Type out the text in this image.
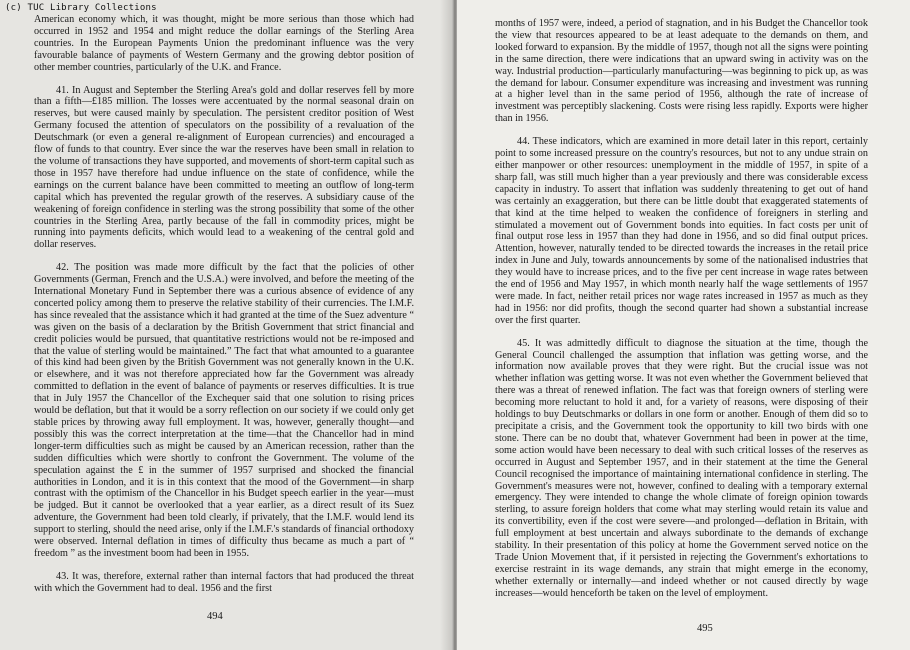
American economy which, it was thought, might be more serious than those which had occurred in 1952 and 1954 and might reduce the dollar earnings of the Sterling Area countries. In the European Payments Union the predominant influence was the very favourable balance of payments of Western Germany and the growing debtor position of other member countries, particularly of the U.K. and France.

41. In August and September the Sterling Area's gold and dollar reserves fell by more than a fifth—£185 million. The losses were accentuated by the normal seasonal drain on reserves, but were caused mainly by speculation. The persistent creditor position of West Germany focused the attention of speculators on the possibility of a revaluation of the Deutschmark (or even a general re-alignment of European currencies) and encouraged a flow of funds to that country. Ever since the war the reserves have been small in relation to the volume of transactions they have supported, and movements of short-term capital such as those in 1957 have therefore had undue influence on the state of confidence, while the earnings on the current balance have been committed to meeting an outflow of long-term capital which has prevented the regular growth of the reserves. A subsidiary cause of the weakening of foreign confidence in sterling was the strong possibility that some of the other countries in the Sterling Area, partly because of the fall in commodity prices, might be running into payments deficits, which would lead to a weakening of the central gold and dollar reserves.

42. The position was made more difficult by the fact that the policies of other Governments (German, French and the U.S.A.) were involved, and before the meeting of the International Monetary Fund in September there was a curious absence of evidence of any concerted policy among them to preserve the relative stability of their currencies. The I.M.F. has since revealed that the assistance which it had granted at the time of the Suez adventure “ was given on the basis of a declaration by the British Government that strict financial and credit policies would be pursued, that quantitative restrictions would not be re-imposed and that the value of sterling would be maintained.” The fact that what amounted to a guarantee of this kind had been given by the British Government was not generally known in the U.K. or elsewhere, and it was not therefore appreciated how far the Government was already committed to deflation in the event of balance of payments or reserves difficulties. It is true that in July 1957 the Chancellor of the Exchequer said that one solution to rising prices would be deflation, but that it would be a sorry reflection on our society if we could only get stable prices by throwing away full employment. It was, however, generally thought—and possibly this was the correct interpretation at the time—that the Chancellor had in mind longer-term difficulties such as might be caused by an American recession, rather than the sudden difficulties which were shortly to confront the Government. The volume of the speculation against the £ in the summer of 1957 surprised and shocked the financial authorities in London, and it is in this context that the mood of the Government—in sharp contrast with the optimism of the Chancellor in his Budget speech earlier in the year—must be judged. But it cannot be overlooked that a year earlier, as a direct result of its Suez adventure, the Government had been told clearly, if privately, that the I.M.F. would lend its support to sterling, should the need arise, only if the I.M.F.'s standards of financial orthodoxy were observed. Internal deflation in times of difficulty thus became as much a part of “ freedom ” as the investment boom had been in 1955.

43. It was, therefore, external rather than internal factors that had produced the threat with which the Government had to deal. 1956 and the first

494

months of 1957 were, indeed, a period of stagnation, and in his Budget the Chancellor took the view that resources appeared to be at least adequate to the demands on them, and looked forward to expansion. By the middle of 1957, though not all the signs were pointing in the same direction, there were indications that an upward swing in activity was on the way. Industrial production—particularly manufacturing—was beginning to pick up, as was the demand for labour. Consumer expenditure was increasing and investment was running at a higher level than in the same period of 1956, although the rate of increase of investment was perceptibly slackening. Costs were rising less rapidly. Exports were higher than in 1956.

44. These indicators, which are examined in more detail later in this report, certainly point to some increased pressure on the country's resources, but not to any undue strain on either manpower or other resources: unemployment in the middle of 1957, in spite of a sharp fall, was still much higher than a year previously and there was considerable excess capacity in industry. To assert that inflation was suddenly threatening to get out of hand was certainly an exaggeration, but there can be little doubt that exaggerated statements of that kind at the time helped to weaken the confidence of foreigners in sterling and stimulated a movement out of Government bonds into equities. In fact costs per unit of final output rose less in 1957 than they had done in 1956, and so did final output prices. Attention, however, naturally tended to be directed towards the increases in the retail price index in June and July, towards announcements by some of the nationalised industries that they would have to increase prices, and to the five per cent increase in wage rates between the end of 1956 and May 1957, in which month nearly half the wage settlements of 1957 were made. In fact, neither retail prices nor wage rates increased in 1957 as much as they had in 1956: nor did profits, though the second quarter had shown a substantial increase over the first quarter.

45. It was admittedly difficult to diagnose the situation at the time, though the General Council challenged the assumption that inflation was getting worse, and the information now available proves that they were right. But the crucial issue was not whether inflation was getting worse. It was not even whether the Government believed that there was a threat of renewed inflation. The fact was that foreign owners of sterling were becoming more reluctant to hold it and, for a variety of reasons, were disposing of their holdings to buy Deutschmarks or dollars in one form or another. Enough of them did so to precipitate a crisis, and the Government took the opportunity to kill two birds with one stone. There can be no doubt that, whatever Government had been in power at the time, some action would have been necessary to deal with such critical losses of the reserves as occurred in August and September 1957, and in their statement at the time the General Council recognised the importance of maintaining international confidence in sterling. The Government's measures were not, however, confined to dealing with a temporary external emergency. They were intended to change the whole climate of foreign opinion towards sterling, to assure foreign holders that come what may sterling would retain its value and its convertibility, even if the cost were severe—and prolonged—deflation in Britain, with full employment at best uncertain and always subordinate to the demands of exchange stability. In their presentation of this policy at home the Government served notice on the Trade Union Movement that, if it persisted in rejecting the Government's exhortations to exercise restraint in its wage demands, any strain that might emerge in the economy, whether externally or internally—and indeed whether or not caused directly by wage increases—would henceforth be taken on the level of employment.

495
(c) TUC Library Collections
